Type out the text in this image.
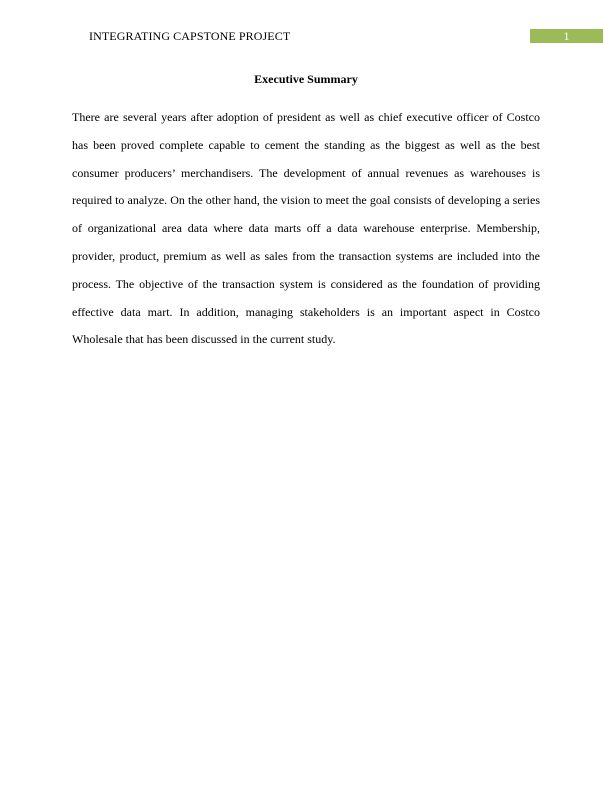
INTEGRATING CAPSTONE PROJECT	1
Executive Summary

There are several years after adoption of president as well as chief executive officer of Costco has been proved complete capable to cement the standing as the biggest as well as the best consumer producers’ merchandisers. The development of annual revenues as warehouses is required to analyze. On the other hand, the vision to meet the goal consists of developing a series of organizational area data where data marts off a data warehouse enterprise. Membership, provider, product, premium as well as sales from the transaction systems are included into the process. The objective of the transaction system is considered as the foundation of providing effective data mart. In addition, managing stakeholders is an important aspect in Costco Wholesale that has been discussed in the current study.
